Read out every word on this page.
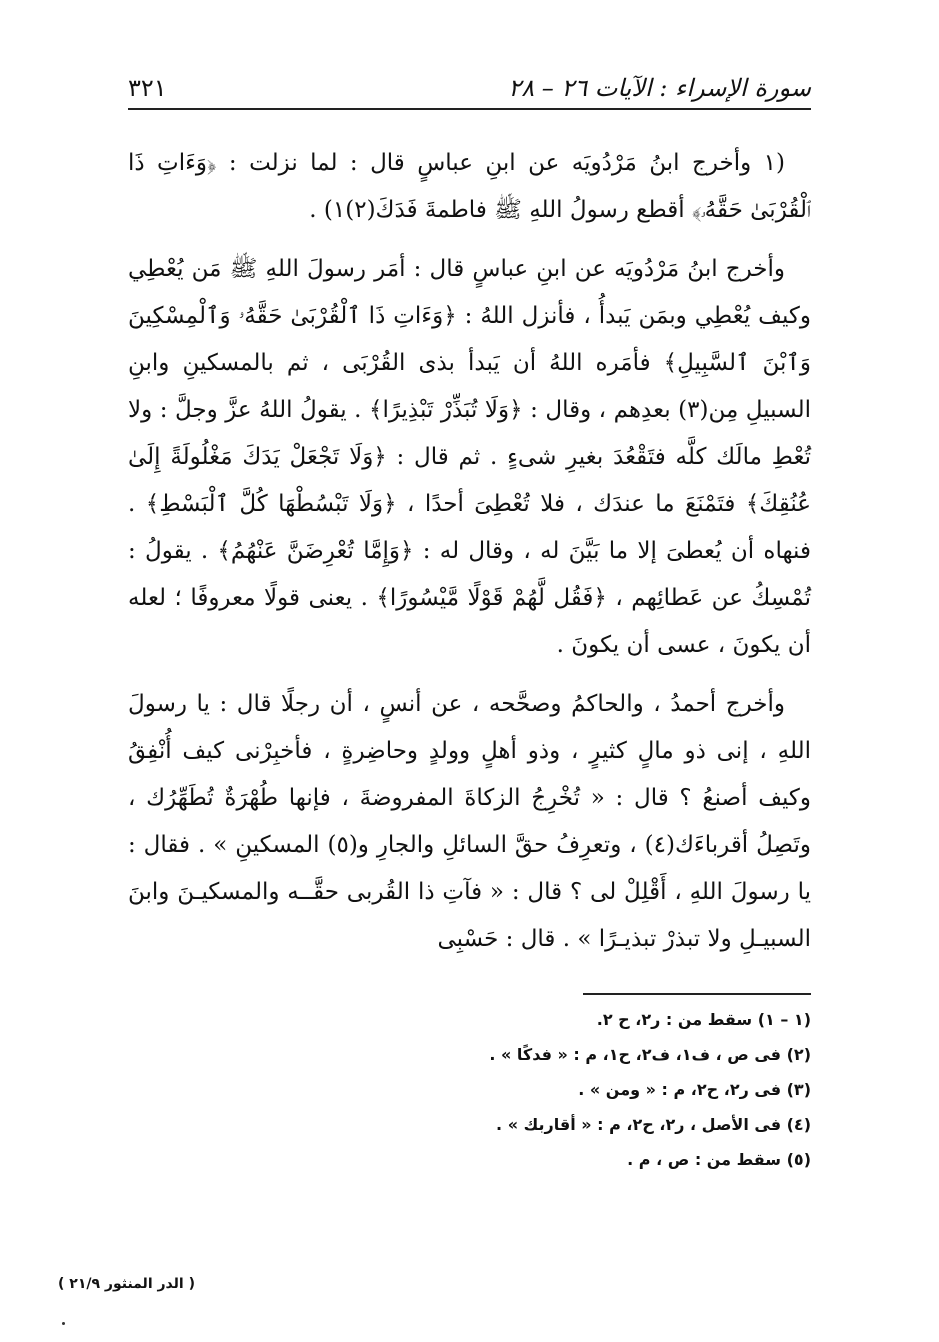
سورة الإسراء : الآيات ٢٦ – ٢٨
٣٢١

(١ وأخرج ابنُ مَرْدُويَه عن ابنِ عباسٍ قال : لما نزلت : ﴿وَءَاتِ ذَا ٱلْقُرْبَىٰ حَقَّهُۥ﴾ أقطع رسولُ اللهِ ﷺ فاطمةَ فَدَكَ(٢)١) .

وأخرج ابنُ مَرْدُويَه عن ابنِ عباسٍ قال : أمَر رسولَ اللهِ ﷺ مَن يُعْطِي وكيف يُعْطِي وبمَن يَبدأُ ، فأنزل اللهُ : ﴿وَءَاتِ ذَا ٱلْقُرْبَىٰ حَقَّهُۥ وَٱلْمِسْكِينَ وَٱبْنَ ٱلسَّبِيلِ﴾ فأمَره اللهُ أن يَبدأ بذى القُرْبَى ، ثم بالمسكينِ وابنِ السبيلِ مِن(٣) بعدِهم ، وقال : ﴿وَلَا تُبَذِّرْ تَبْذِيرًا﴾ . يقولُ اللهُ عزَّ وجلَّ : ولا تُعْطِ مالَك كلَّه فتَقْعُدَ بغيرِ شىءٍ . ثم قال : ﴿وَلَا تَجْعَلْ يَدَكَ مَغْلُولَةً إِلَىٰ عُنُقِكَ﴾ فتَمْنَعَ ما عندَك ، فلا تُعْطِىَ أحدًا ، ﴿وَلَا تَبْسُطْهَا كُلَّ ٱلْبَسْطِ﴾ . فنهاه أن يُعطىَ إلا ما بَيَّنَ له ، وقال له : ﴿وَإِمَّا تُعْرِضَنَّ عَنْهُمُ﴾ . يقولُ : تُمْسِكُ عن عَطائِهم ، ﴿فَقُل لَّهُمْ قَوْلًا مَّيْسُورًا﴾ . يعنى قولًا معروفًا ؛ لعله أن يكونَ ، عسى أن يكونَ .

وأخرج أحمدُ ، والحاكمُ وصحَّحه ، عن أنسٍ ، أن رجلًا قال : يا رسولَ اللهِ ، إنى ذو مالٍ كثيرٍ ، وذو أهلٍ وولدٍ وحاضِرةٍ ، فأخبِرْنى كيف أُنْفِقُ وكيف أصنعُ ؟ قال : « تُخْرِجُ الزكاةَ المفروضةَ ، فإنها طُهْرَةٌ تُطَهِّرُك ، وتَصِلُ أقرباءَك(٤) ، وتعرِفُ حقَّ السائلِ والجارِ و(٥) المسكينِ » . فقال : يا رسولَ اللهِ ، أَقْلِلْ لى ؟ قال : « فآتِ ذا القُربى حقَّــه والمسكيـنَ وابنَ السبيـلِ ولا تبذرْ تبذيـرًا » . قال : حَسْبِى

(١ – ١) سقط من : ر٢، ح ٢.

(٢) فى ص ، ف١، ف٢، ح١، م : « فدكًا » .

(٣) فى ر٢، ح٢، م : « ومن » .

(٤) فى الأصل ، ر٢، ح٢، م : « أقاربك » .

(٥) سقط من : ص ، م .

( الدر المنثور ٢١/٩ )
